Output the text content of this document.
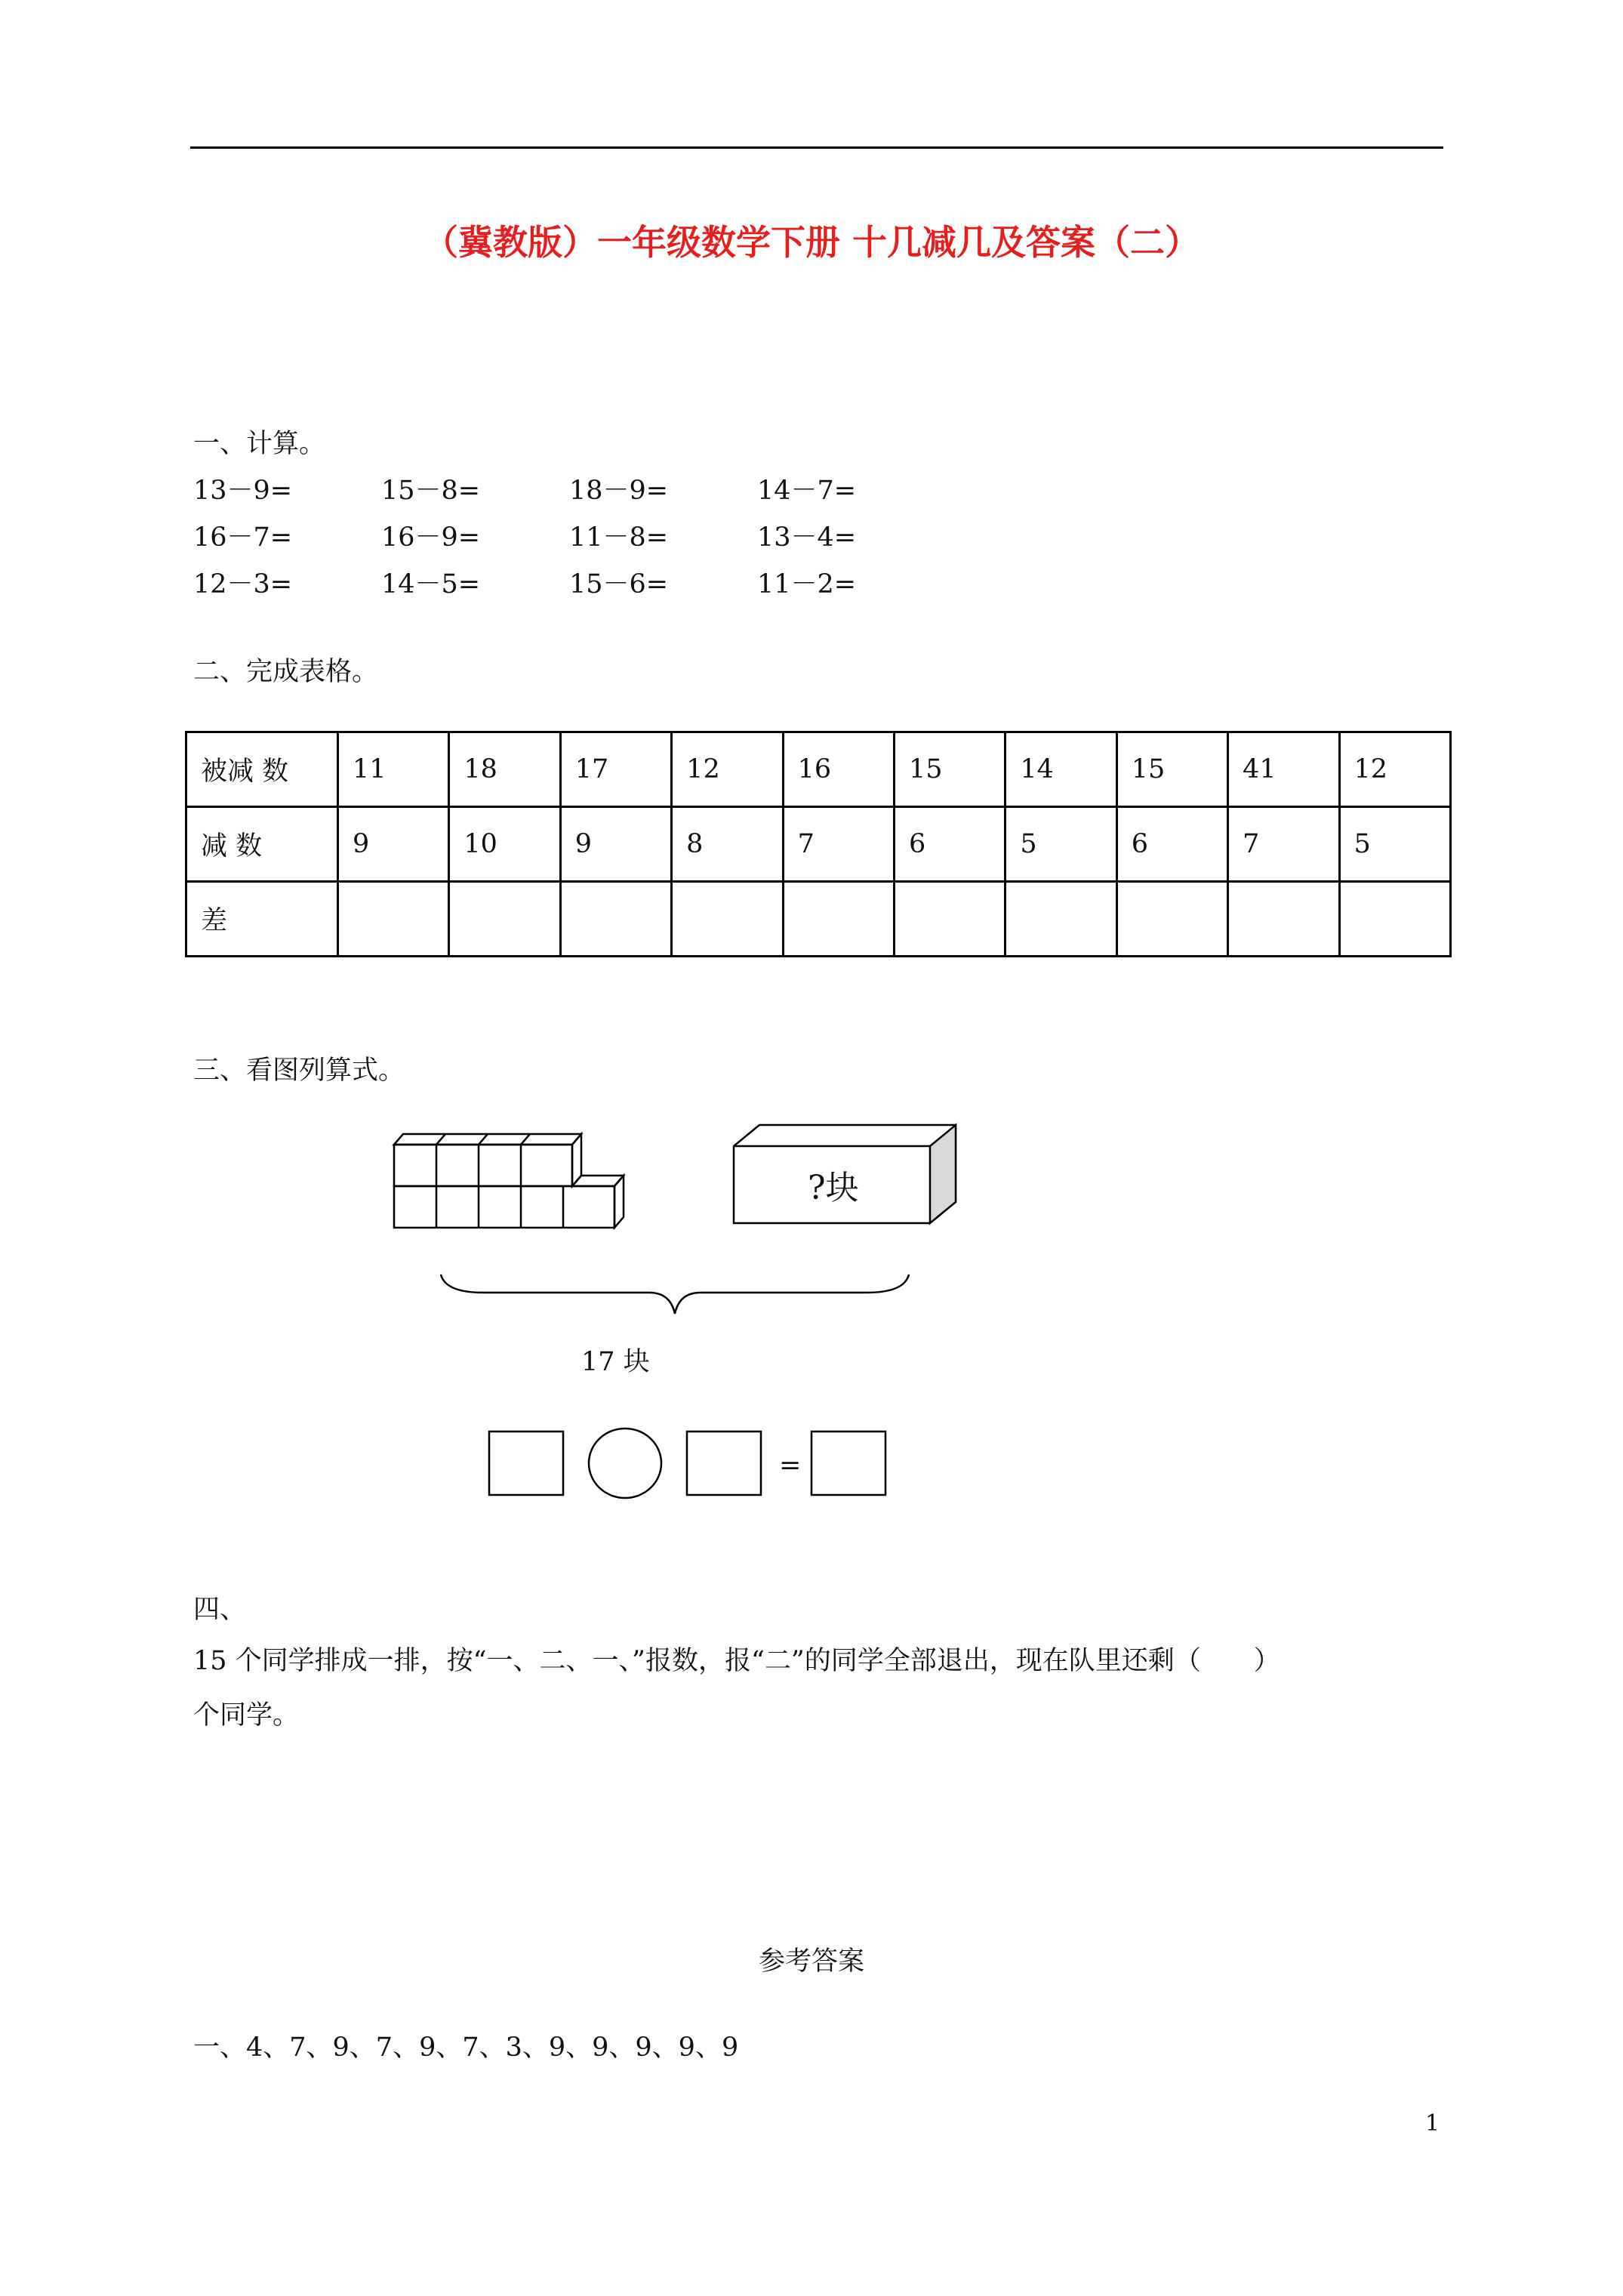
（冀教版）一年级数学下册 十几减几及答案（二）
一、计算。
13－9=	15－8=	18－9=	14－7=
16－7=	16－9=	11－8=	13－4=
12－3=	14－5=	15－6=	11－2=
二、完成表格。
被减 数	11	18	17	12	16	15	14	15	41	12
减 数	9	10	9	8	7	6	5	6	7	5
差										
三、看图列算式。
?块
17 块
=
四、
15 个同学排成一排，按“一、二、一、”报数，报“二”的同学全部退出，现在队里还剩（　　）
个同学。
参考答案
一、4、7、9、7、9、7、3、9、9、9、9、9
1
